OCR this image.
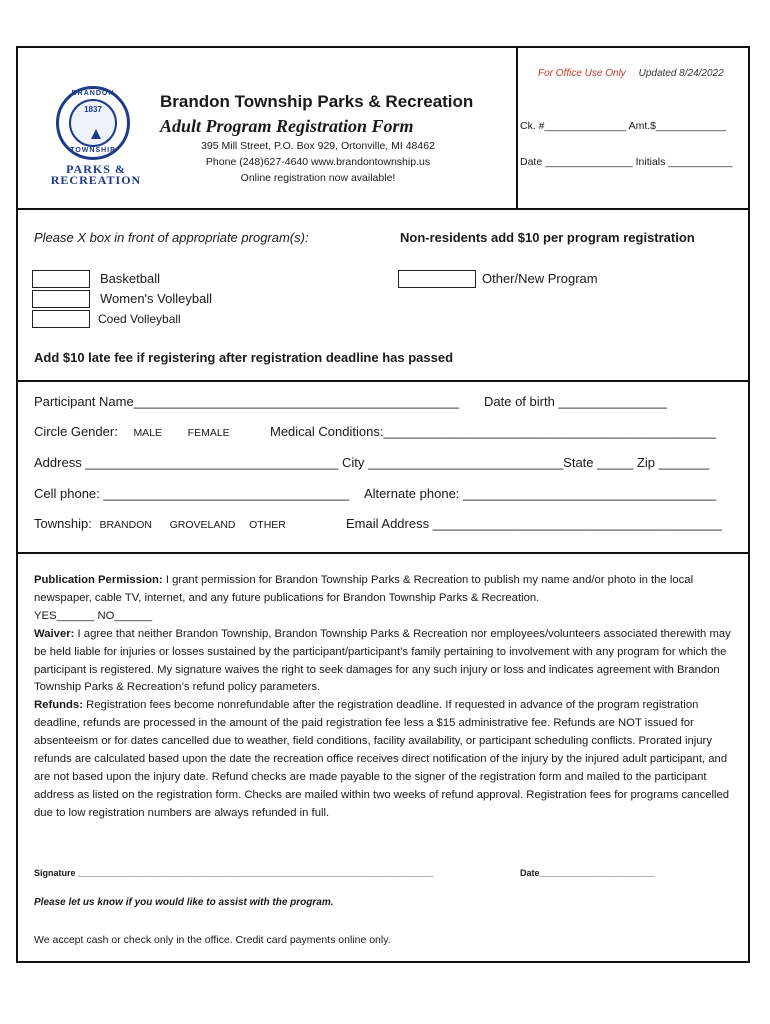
BRANDON
1837
TOWNSHIP
PARKS &
RECREATION
Brandon Township Parks & Recreation
Adult Program Registration Form
395 Mill Street, P.O. Box 929, Ortonville, MI 48462
Phone (248)627-4640 www.brandontownship.us
Online registration now available!
For Office Use Only Updated 8/24/2022
Ck. #______________ Amt.$____________
Date _______________ Initials ___________
Please X box in front of appropriate program(s):	Non-residents add $10 per program registration
Basketball
Women's Volleyball
Coed Volleyball
Other/New Program
Add $10 late fee if registering after registration deadline has passed
Participant Name_____________________________________________ Date of birth _______________
Circle Gender: MALE FEMALE	Medical Conditions:______________________________________________
Address ___________________________________ City ___________________________State _____ Zip _______
Cell phone: __________________________________ Alternate phone: ___________________________________
Township: BRANDON GROVELAND OTHER	Email Address ________________________________________

Publication Permission: I grant permission for Brandon Township Parks & Recreation to publish my name and/or photo in the local newspaper, cable TV, internet, and any future publications for Brandon Township Parks & Recreation.

YES______ NO______

Waiver: I agree that neither Brandon Township, Brandon Township Parks & Recreation nor employees/volunteers associated therewith may be held liable for injuries or losses sustained by the participant/participant’s family pertaining to involvement with any program for which the participant is registered. My signature waives the right to seek damages for any such injury or loss and indicates agreement with Brandon Township Parks & Recreation’s refund policy parameters.

Refunds: Registration fees become nonrefundable after the registration deadline. If requested in advance of the program registration deadline, refunds are processed in the amount of the paid registration fee less a $15 administrative fee. Refunds are NOT issued for absenteeism or for dates cancelled due to weather, field conditions, facility availability, or participant scheduling conflicts. Prorated injury refunds are calculated based upon the date the recreation office receives direct notification of the injury by the injured adult participant, and are not based upon the injury date. Refund checks are made payable to the signer of the registration form and mailed to the participant address as listed on the registration form. Checks are mailed within two weeks of refund approval. Registration fees for programs cancelled due to low registration numbers are always refunded in full.

Signature _______________________________________________________________________	Date_______________________
Please let us know if you would like to assist with the program.
We accept cash or check only in the office. Credit card payments online only.
